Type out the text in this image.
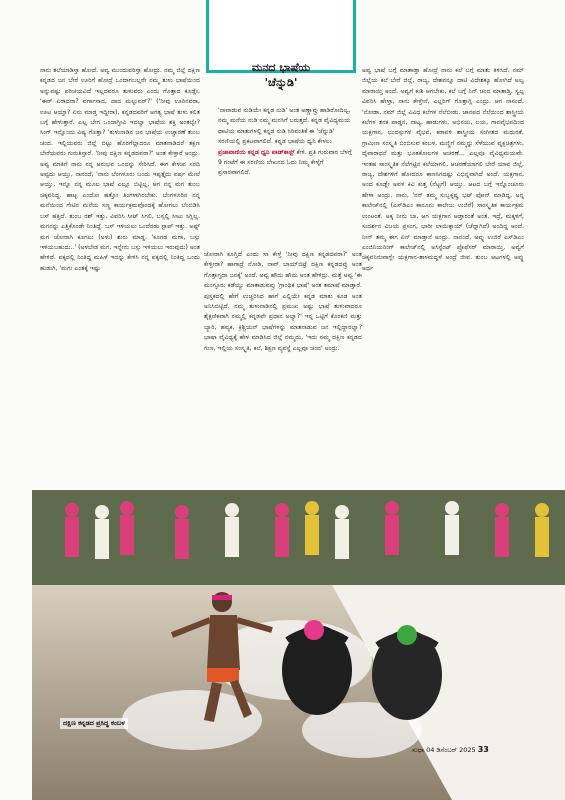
ಮನದ ಭಾಷೆಯ
'ಚೆನ್ನುಡಿ'
'ನಾವಾಡುವ ನುಡಿಯೇ ಕನ್ನಡ ನುಡಿ' ಅಂತ ಅಣ್ಣಾವ್ರು ಹಾಡಿರೋದಿಲ್ವ, ನಮ್ಮ ಮನೆಯ ನುಡಿ ನಮ್ಮ ಮನಸಿಗೆ ಬರುತ್ತದೆ. ಕನ್ನಡ ವೈವಿಧ್ಯಮಯ ಧಾಟಿಯ ಮಾತುಗಳಲ್ಲಿ ಕನ್ನಡ ನುಡಿ ಸಿರಿವಂತಿಕೆ ಈ 'ಚೆನ್ನುಡಿ' ಸರಣಿಯಲ್ಲಿ ಪ್ರಕಟವಾಗಲಿದೆ. ಕನ್ನಡ ಭಾಷೆಯ ಧ್ವನಿ ಕೇಳಲು ಪ್ರಜಾವಾಣಿಯ ಕನ್ನಡ ಧ್ವನಿ ಪಾಡ್‌ಕಾಸ್ಟ್ ಕೇಳಿ. ಪ್ರತಿ ಗುರುವಾರ ಬೆಳಗ್ಗೆ 9 ಗಂಟೆಗೆ ಈ ಸರಣಿಯ ಲೇಖನದ ಓದು ನಿಮ್ಮ ಕೇಳ್ಕೆಗೆ ಪ್ರಸಾರವಾಗಲಿದೆ.
ನಾನು ತಲೆಯಾಡಿಸ್ತಾ ಹೋದೆ. ಅವ್ವ ಮುಂದುವರಿಸ್ತಾ ಹೋದ್ರು. ನಮ್ಮ ಜಿಲ್ಲೆ ದಕ್ಷಿಣ ಕನ್ನಡದ ಜನ ಬೇರೆ ಊರಿಗೆ ಹೋದ್ರೆ ಒಂದಾಗಬಲ್ಲರೇ ನಮ್ಮ ತುಳು ಭಾಷೆಯಿಂದ ಅನ್ನುವಷ್ಟು ಪರಿಚಯವಿದೆ ಇಲ್ಲದವರೂ ತುಳುವರು ಎಂದು ಗೊತ್ತಾದ ಕೂಡ್ಲೇ, 'ಈರ್ ಏರಾದರಾ? ವರ್ಗಾಸಾದ, ದಾದ ಮಲ್ಪುವರ್?' ('ನೀವು ಊರಿನವರಾ, ಊಟ ಆಯ್ತಾ? ಏನು ಮಾಡ್ತ ಇದ್ದೀರಾ), ಕನ್ನಡದವರಿಗೆ ಅಗತ್ಯ ಭಾಷೆ ತುಳು ಕಲಿತ ಬಗ್ಗೆ ಹೇಳುತ್ತಾರೆ. ಎಲ್ಲ ಬೇಗ ಒಂದಾಗ್ತೀವಿ ಇದಲ್ವಾ ಭಾಷೆಯ ಶಕ್ತಿ ಅಂತಲ್ವೇ? ಸಿಂಗ್ ಇನ್ನೊಂದು ವಿಷ್ಯ ಗೊತ್ತಾ? 'ತುಳುನಾಡಿನ ಜನ ಭಾಷೆಯ ಉಚ್ಚಾರಣೆ ತುಂಬ ಚಂದ. ಇಲ್ಲಿಯವರು ಜಿಲ್ಲೆ ಬಿಟ್ಟು ಹೊರಗೆಲ್ಲಾದರೂ ಮಾತನಾಡಿದರೆ ತಕ್ಷಣ ಬೇರೆಯವರು ಗುರುತಿಸ್ತಾರೆ. 'ನೀವು ದಕ್ಷಿಣ ಕನ್ನಡದವರಾ?' ಅಂತ ಕೇಳ್ತಾರೆ ಅಂದ್ರು. ಅವ್ವ ಮಾತಿಗೆ ನಾನು ನನ್ನ ಅನುಭವ ಒಂದನ್ನು ಸೇರಿಸಿದೆ. ಈಗ ಕೇಳುವ ಸರದಿ ಅವ್ವದು ಆಯ್ತು, ನಾನಂದೆ, 'ನಾನು ಬೆಂಗಳೂರು ಬಂದು ಇಪ್ಪತ್ತೈದು ವರ್ಷ ಮೇಲೆ ಆಯ್ತು, ಇನ್ನೂ ನನ್ನ ಮೂಲ ಭಾಷೆ ಎಲ್ಲೂ ಬಿಟ್ಟಿಲ್ಲ, ಆಗ ನನ್ನ ಮಗ ತುಂಬ ಚಿಕ್ಕವನಿದ್ದ. ಹಾಟ್ಟ ಎಂದೋ ಹತ್ತೋ ತಿಂಗಳಾಗಿರಬೇಕು. ಬೆಂಗಳೂರಿನ ನನ್ನ ಮನೆಯಿಂದ ಗೇಟಿನ ಮನೆಯ ಸಣ್ಣ ಕಾರ್ಯಕ್ರಮವೊಂದಕ್ಕೆ ಹೋಗಲು ಬೆಂಬಿಡಿಸಿ ಬಸ್ ಹತ್ತಿದೆ. ತುಂಬ ರಶ್ ಇತ್ತು. ವಿವರಿಸಿ ಸೀಟ್ ಸಿಗಲಿ, ಬಸ್ಸಲ್ಲಿ ಸೀಟು ಸಿಗ್ಲಿಲ್ಲ. ಮಗನನ್ನು ಎತ್ತಿಕೊಂಡೇ ನಿಂತಿದ್ದೆ. ಬಸ್ ಇಳಿಯಲು ಒಂದೆರಡು ಸ್ಟಾಪ್ ಇತ್ತು. ಅಷ್ಟ್ ಮಗ ಜೋರಾಗಿ ಕೂಗಲು (ಅಳು) ಶುರು ಮಾಡ್ದ. 'ಕೂಗಡ ಮಗಾ, ಬಸ್ಸು ಇಳಿಯಬಹುದು..' (ಅಳಬೇಡ ಮಗ, ಇನ್ನೇನು ಬಸ್ಸು ಇಳಿಯಲು ಇರುವುದು) ಅಂತ ಹೇಳಿದೆ. ಪಕ್ಕದಲ್ಲಿ ನಿಂತಿದ್ದ ಮಹಿಳೆ ಇದನ್ನು ಕೇಳಿಸಿ ನನ್ನ ಪಕ್ಕದಲ್ಲಿ ನಿಂತಿದ್ದ ಒಂದು ಹುಡುಗಿ, 'ಮಗು ಎಂತಕ್ಕೆ ಇಷ್ಟು
ಜೋರಾಗಿ ಕೂಗ್ತಿದೆ ಎಂದು ಸಾ ಕೇಳ್ತೆ 'ನೀವು ದಕ್ಷಿಣ ಕನ್ನಡದವರಾ?' ಅಂತ ಕೇಳ್ತೀರಾ? ಹಾಗಾದ್ರೆ ನೋಡಿ, ನಾವ್ ಬಾಯ್‌ಬಿಟ್ರೆ ದಕ್ಷಿಣ ಕನ್ನಡದವ್ರು ಅಂತ ಗೊತ್ತಾಗ್ತದಾ ಜನಕ್ಕೆ' ಅಂದೆ. ಅವ್ವ ಹೌದು ಹೌದು ಅಂತ ಹೇಳಿದ್ರು. ಮತ್ತೆ ಅವ್ವ 'ಈ ಮಂಗ್ಳೂರು ಕಡೆಯ್ವು ಮಾತಾಡುವವ್ರು 'ಗ್ರಾಂಥಿಕ ಭಾಷೆ' ಅಂತ ತಮಾಷೆ ಮಾಡ್ತಾರೆ. ಪುಸ್ತಕದಲ್ಲಿ ಹೇಗೆ ಉಚ್ಚರಿಸಿದ ಹಾಗೆ ಎಲ್ಲಿಯೇ ಕನ್ನಡ ಮಾತು ಕೂಡ ಅಂತ ಅನಿಸಿಬಿಟ್ಟಿದೆ. ನಮ್ಮ ತುಳುನಾಡಿನಲ್ಲಿ ಪ್ರಮುಖ ಅಷ್ಟು ಭಾಷೆ ತುಳುವಾದರೂ ಶೈಕ್ಷಣಿಕವಾಗಿ ನಮ್ಮಲ್ಲಿ ಕನ್ನಡವೇ ಪ್ರಧಾನ ಅಲ್ವಾ?' ಇನ್ನ ಒಟ್ಟಿಗೆ ಕೊಂಕಣಿ ಮತ್ತು ಬ್ಯಾರಿ, ಹವ್ಯಕ, ಕ್ರಿಶ್ಚಿಯನ್ ಭಾಷೆಗಳನ್ನು ಮಾತನಾಡುವ ಜನ ಇಲ್ಲಿದ್ದಾರಲ್ವಾ? ಭಾಷಾ ವೈವಿಧ್ಯಕ್ಕೆ ಹೇಳ ಮಾಡಿಸಿದ ಜಿಲ್ಲೆ ನಮ್ಮದು, 'ಇದು ನಮ್ಮ ದಕ್ಷಿಣ ಕನ್ನಡದ ಗುಣ, ಇಲ್ಲಿಯ ಸಂಸ್ಕೃತಿ, ಕಲೆ, ಶಿಕ್ಷಣ ವ್ಯವಸ್ಥೆ ಎಲ್ಲವೂ ಚಂದ' ಅಂದ್ರು.
ಅವ್ವ ಭಾಷೆ ಬಗ್ಗೆ ಮಾತಾಡ್ತಾ ಹೋದ್ರೆ ನಾನು ಕಲೆ ಬಗ್ಗೆ ಮಾತು ತಿಳಿಸಿದೆ. ನಮ್ ಜಿಲ್ಲೆಯ ಕಲೆ ಬೇರೆ ಜಿಲ್ಲೆ, ರಾಜ್ಯ, ದೇಶವನ್ನೂ ದಾಟಿ ವಿದೇಶಕ್ಕೂ ಹೋಗಿದೆ ಅಲ್ವ ಮಾರಾಯ್ತಿ ಅಂದೆ. ಅವ್ವಗೆ ಕುಶಿ ಆಗಬೇಕು, ಕಲೆ ಬಗ್ಗೆ ನಿನ್ ಚಂದ ಮಾತಾಡ್ತಿ, ಸ್ವಲ್ಪ ವಿವರಿಸಿ ಹೇಳ್ತಾ, ನಾನು ಕೇಳ್ತೇನೆ, ಎಲ್ಲರಿಗ್ ಗೊತ್ತಾಗ್ಲಿ ಎಂದ್ರು. ಆಗ ನಾನಂದೆ, 'ನೋಡಾ, ನಮ್ ಜಿಲ್ಲೆ ವಿವಿಧ ಕಲೆಗಳ ನೆಲೆಬೀಡು. ಜಾನಪದ ನೆಲೆಯಿಂದ ಶಾಸ್ತ್ರೀಯ ಕಲೆಗಳ ತನಕ ಪಾಡ್ದನ, ನಾಟ್ಯ, ಹಾಡುಗಳು, ಅಭಿನಯ, ಲಯ, ಗಾನವೈಭವದಿಂದ ಯಕ್ಷಗಾನ, ಛಂದಸ್ಸುಗಳ ವೈಭವ, ಕರಾವಳಿ ಶಾಸ್ತ್ರೀಯ ಸಂಗೀತದ ಮಧುರತೆ, ಗ್ರಾಮೀಣ ಸಂಸ್ಕೃತಿ ಬಿಂಬಿಸುವ ಕಂಬಳ, ಮಣ್ಣಿಗೆ ನಮ್ಮನ್ನು ಸೆಳೆಯುವ ವೃಕ್ಷಚಿತ್ರಗಳು, ದೈವಾರಾಧನೆ ಮತ್ತು ಭೂತಕೋಲಗಳ ಆಚರಣೆ... ಎಲ್ಲವೂ ವೈವಿಧ್ಯಮಯವೇ. ಇಂತಹ ಸಾಂಸ್ಕೃತಿಕ ನೆಲೆಗಟ್ಟಿನ ಕಲೆಯಾಗಲಿ, ಆಚರಣೆಯಾಗಲಿ ಬೇರೆ ಯಾವ ಜಿಲ್ಲೆ, ರಾಜ್ಯ, ದೇಶಗಳಿಗೆ ಹೋದರೂ ಕಾಣಸಿಗದಷ್ಟು ವಿಭಿನ್ನವಾಗಿದೆ ಅಂದೆ. ಯಕ್ಷಗಾನ, ಅಂದ ಕೂಡ್ಲೇ ಅವಳ ಕಿವಿ ಕುತ್ತ (ನೆಟ್ಟಗೆ) ಆಯ್ತು. ಆಟದ ಬಗ್ಗೆ ಇನ್ನೊಂಚೂರು ಹೇಳಾ ಅಂದ್ರು. ನಾನು, 'ನನ್ ತಮ್ಮ ಸುಬ್ಬಕೃಷ್ಣ ಭಟ್ ಫೋನ್ ಮಾಡಿದ್ದ, ಅನ್ನ ಕಾಲೇಜ್‌ನಲ್ಲಿ (ಎಸ್‌ಡಿಎಂ ಕಾನೂನು ಕಾಲೇಜು ಉಜಿರೆ) ಸಾಂಸ್ಕೃತಿಕ ಕಾರ್ಯಕ್ರಮ ಉಂಟಂತೆ. ಅಕ್ಕ ನೀನು ಬಾ, ಆಗ ಯಕ್ಷಗಾನ ಆಡ್ತಾರಂತೆ ಅಂತ. ಇದ್ರೆ, ಮಕ್ಕಳಿಗೆ, ಸುದರ್ಶನ ವಿಜಯ ಪ್ರಸಂಗ, ಭಾರೀ ಲಾಯಿಕ್ಕಾಯ್ (ಚೆನ್ನಾಗಿದೆ) ಅಂದಿದ್ದ ಅಂದೆ. ನೀನ್ ತಮ್ಮ ಈಗ ಏನ್ ಮಾಡ್ತಾನೆ ಅಂದ್ರು. ನಾನಂದೆ, ಅವ್ನು ಉಜಿರೆ ಎಸ್‌ಡಿಎಂ ಎಂಜಿನಿಯರಿಂಗ್ ಕಾಲೇಜ್‌ನಲ್ಲಿ ಅಸಿಸ್ಟೆಂಟ್ ಪ್ರೊಫೆಸರ್ ಮಾರಾಯ್ತಿ. ಅವ್ವಗೆ ಚಿಕ್ಕವನಿರುವಾಗ್ಲೇ ಯಕ್ಷಗಾನ-ತಾಳಮದ್ದಳೆ ಅಂದ್ರೆ ಜೀವ. ತುಂಬ ಆಟಗಳಲ್ಲಿ ಅವ್ನು ಅರ್ಥ
ದಕ್ಷಿಣ ಕನ್ನಡದ ಪ್ರಸಿದ್ಧ ಕಂಬಳ
ಸುಧಾ 04 ಡಿಸೆಂಬರ್ 2025 33
